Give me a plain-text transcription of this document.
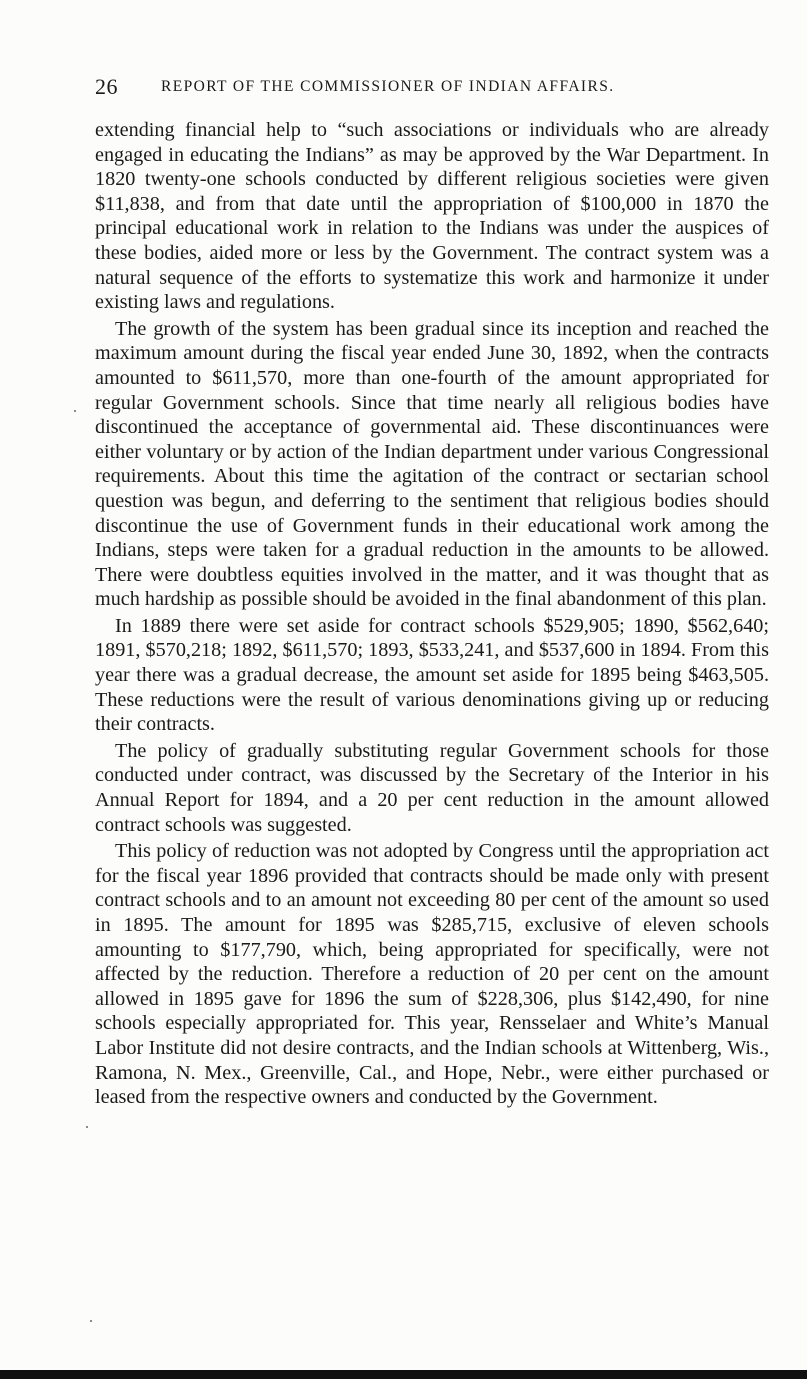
26	REPORT OF THE COMMISSIONER OF INDIAN AFFAIRS.

extending financial help to “such associations or individuals who are already engaged in educating the Indians” as may be approved by the War Department. In 1820 twenty-one schools conducted by different religious societies were given $11,838, and from that date until the appropriation of $100,000 in 1870 the principal educational work in relation to the Indians was under the auspices of these bodies, aided more or less by the Government. The contract system was a natural sequence of the efforts to systematize this work and harmonize it under existing laws and regulations.

The growth of the system has been gradual since its inception and reached the maximum amount during the fiscal year ended June 30, 1892, when the contracts amounted to $611,570, more than one-fourth of the amount appropriated for regular Government schools. Since that time nearly all religious bodies have discontinued the acceptance of governmental aid. These discontinuances were either voluntary or by action of the Indian department under various Congressional requirements. About this time the agitation of the contract or sectarian school question was begun, and deferring to the sentiment that religious bodies should discontinue the use of Government funds in their educational work among the Indians, steps were taken for a gradual reduction in the amounts to be allowed. There were doubtless equities involved in the matter, and it was thought that as much hardship as possible should be avoided in the final abandonment of this plan.

In 1889 there were set aside for contract schools $529,905; 1890, $562,640; 1891, $570,218; 1892, $611,570; 1893, $533,241, and $537,600 in 1894. From this year there was a gradual decrease, the amount set aside for 1895 being $463,505. These reductions were the result of various denominations giving up or reducing their contracts.

The policy of gradually substituting regular Government schools for those conducted under contract, was discussed by the Secretary of the Interior in his Annual Report for 1894, and a 20 per cent reduction in the amount allowed contract schools was suggested.

This policy of reduction was not adopted by Congress until the appropriation act for the fiscal year 1896 provided that contracts should be made only with present contract schools and to an amount not exceeding 80 per cent of the amount so used in 1895. The amount for 1895 was $285,715, exclusive of eleven schools amounting to $177,790, which, being appropriated for specifically, were not affected by the reduction. Therefore a reduction of 20 per cent on the amount allowed in 1895 gave for 1896 the sum of $228,306, plus $142,490, for nine schools especially appropriated for. This year, Rensselaer and White’s Manual Labor Institute did not desire contracts, and the Indian schools at Wittenberg, Wis., Ramona, N. Mex., Greenville, Cal., and Hope, Nebr., were either purchased or leased from the respective owners and conducted by the Government.
